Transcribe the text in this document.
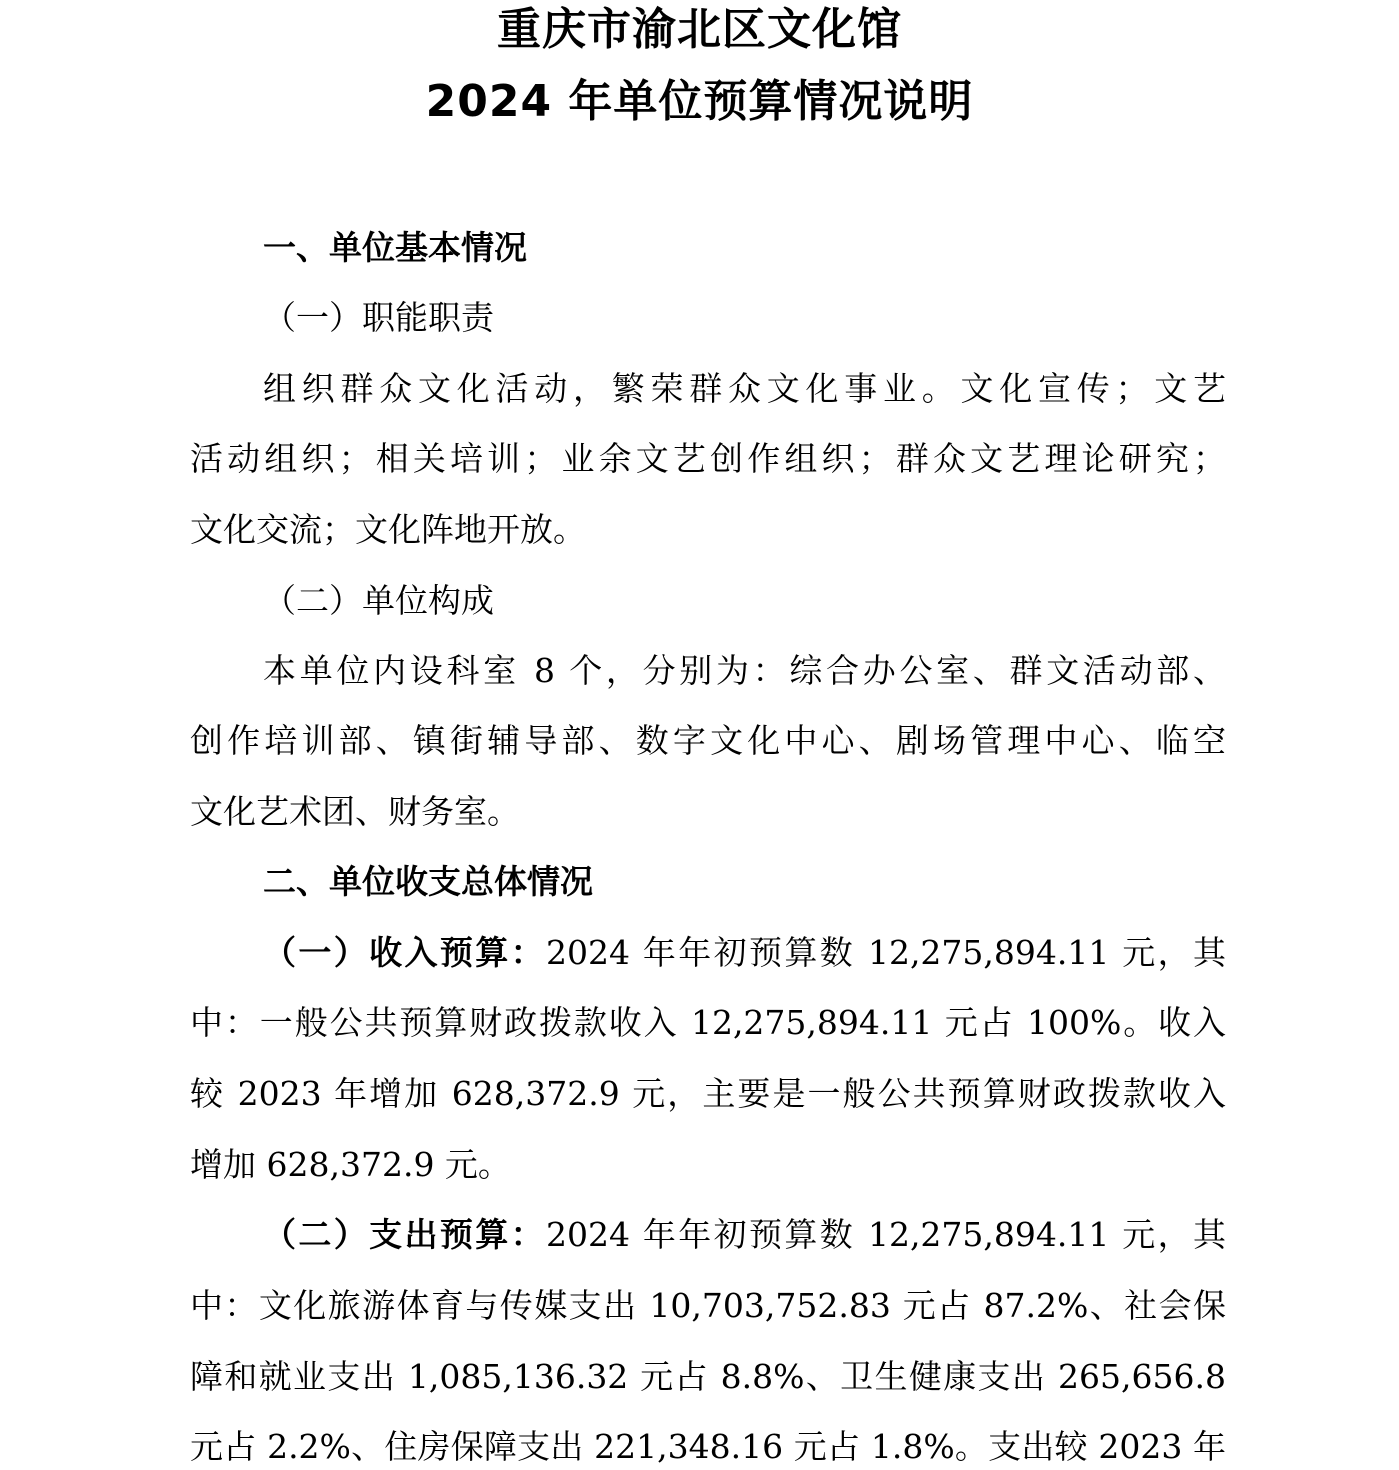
重庆市渝北区文化馆
2024 年单位预算情况说明
一、单位基本情况
（一）职能职责
组织群众文化活动，繁荣群众文化事业。文化宣传；文艺
活动组织；相关培训；业余文艺创作组织；群众文艺理论研究；
文化交流；文化阵地开放。
（二）单位构成
本单位内设科室 8 个，分别为：综合办公室、群文活动部、
创作培训部、镇街辅导部、数字文化中心、剧场管理中心、临空
文化艺术团、财务室。
二、单位收支总体情况
（一）收入预算：2024 年年初预算数 12,275,894.11 元，其
中：一般公共预算财政拨款收入 12,275,894.11 元占 100%。收入
较 2023 年增加 628,372.9 元，主要是一般公共预算财政拨款收入
增加 628,372.9 元。
（二）支出预算：2024 年年初预算数 12,275,894.11 元，其
中：文化旅游体育与传媒支出 10,703,752.83 元占 87.2%、社会保
障和就业支出 1,085,136.32 元占 8.8%、卫生健康支出 265,656.8
元占 2.2%、住房保障支出 221,348.16 元占 1.8%。支出较 2023 年
